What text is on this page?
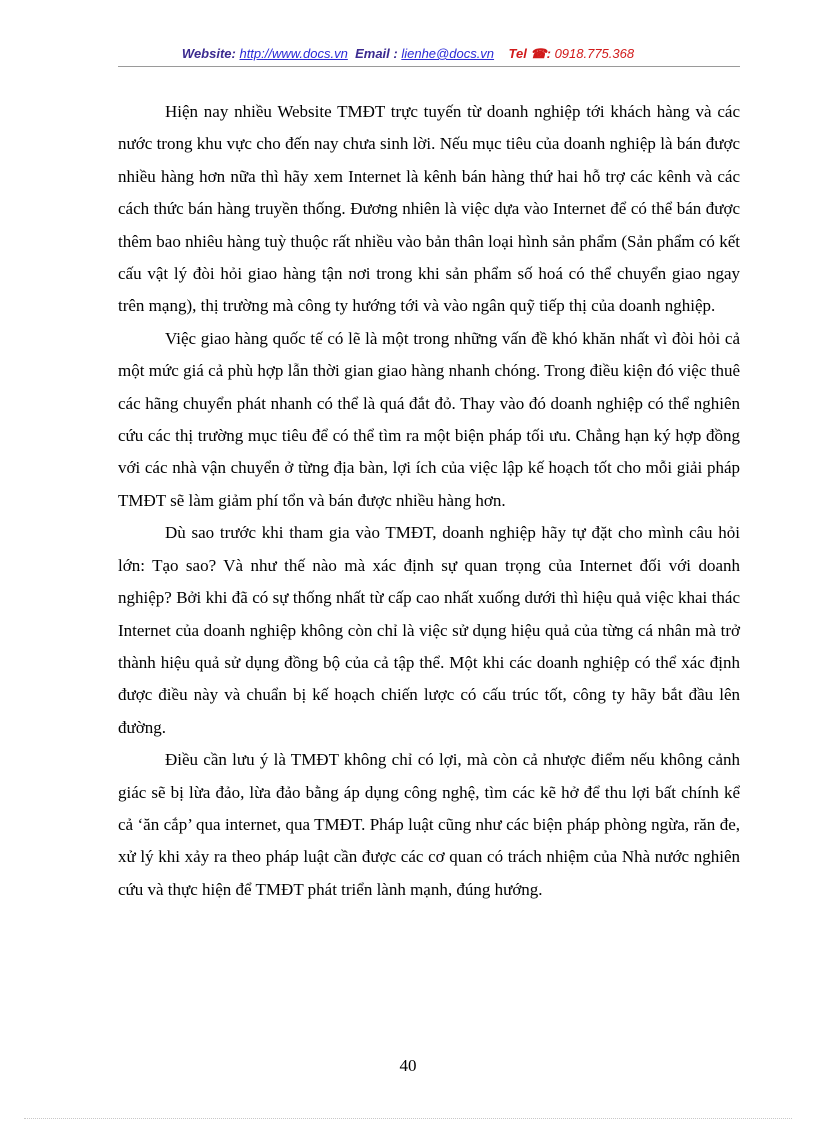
Website: http://www.docs.vn Email : lienhe@docs.vn Tel ☎: 0918.775.368

Hiện nay nhiều Website TMĐT trực tuyến từ doanh nghiệp tới khách hàng và các nước trong khu vực cho đến nay chưa sinh lời. Nếu mục tiêu của doanh nghiệp là bán được nhiều hàng hơn nữa thì hãy xem Internet là kênh bán hàng thứ hai hỗ trợ các kênh và các cách thức bán hàng truyền thống. Đương nhiên là việc dựa vào Internet để có thể bán được thêm bao nhiêu hàng tuỳ thuộc rất nhiều vào bản thân loại hình sản phẩm (Sản phẩm có kết cấu vật lý đòi hỏi giao hàng tận nơi trong khi sản phẩm số hoá có thể chuyển giao ngay trên mạng), thị trường mà công ty hướng tới và vào ngân quỹ tiếp thị của doanh nghiệp.

Việc giao hàng quốc tế có lẽ là một trong những vấn đề khó khăn nhất vì đòi hỏi cả một mức giá cả phù hợp lẫn thời gian giao hàng nhanh chóng. Trong điều kiện đó việc thuê các hãng chuyển phát nhanh có thể là quá đắt đỏ. Thay vào đó doanh nghiệp có thể nghiên cứu các thị trường mục tiêu để có thể tìm ra một biện pháp tối ưu. Chẳng hạn ký hợp đồng với các nhà vận chuyển ở từng địa bàn, lợi ích của việc lập kế hoạch tốt cho mỗi giải pháp TMĐT sẽ làm giảm phí tổn và bán được nhiều hàng hơn.

Dù sao trước khi tham gia vào TMĐT, doanh nghiệp hãy tự đặt cho mình câu hỏi lớn: Tạo sao? Và như thế nào mà xác định sự quan trọng của Internet đối với doanh nghiệp? Bởi khi đã có sự thống nhất từ cấp cao nhất xuống dưới thì hiệu quả việc khai thác Internet của doanh nghiệp không còn chỉ là việc sử dụng hiệu quả của từng cá nhân mà trở thành hiệu quả sử dụng đồng bộ của cả tập thể. Một khi các doanh nghiệp có thể xác định được điều này và chuẩn bị kế hoạch chiến lược có cấu trúc tốt, công ty hãy bắt đầu lên đường.

Điều cần lưu ý là TMĐT không chỉ có lợi, mà còn cả nhược điểm nếu không cảnh giác sẽ bị lừa đảo, lừa đảo bằng áp dụng công nghệ, tìm các kẽ hở để thu lợi bất chính kể cả ‘ăn cắp’ qua internet, qua TMĐT. Pháp luật cũng như các biện pháp phòng ngừa, răn đe, xử lý khi xảy ra theo pháp luật cần được các cơ quan có trách nhiệm của Nhà nước nghiên cứu và thực hiện để TMĐT phát triển lành mạnh, đúng hướng.

40
